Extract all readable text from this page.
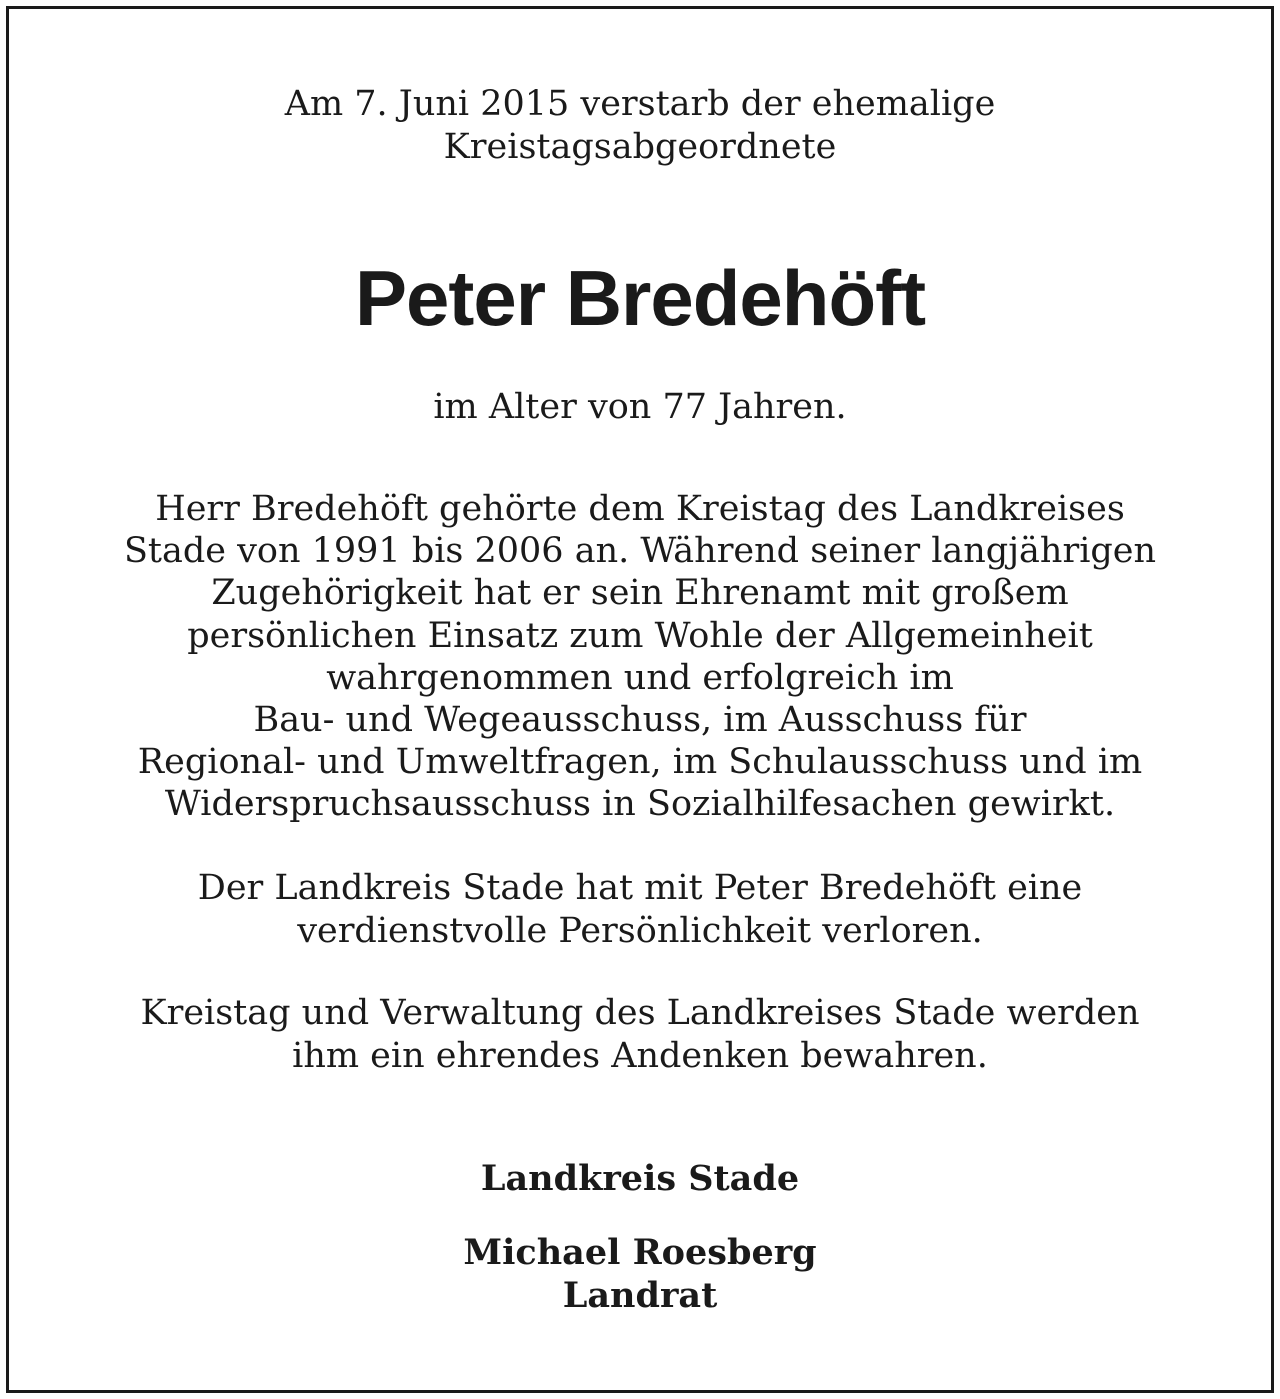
Am 7. Juni 2015 verstarb der ehemalige
Kreistagsabgeordnete
Peter Bredehöft
im Alter von 77 Jahren.
Herr Bredehöft gehörte dem Kreistag des Landkreises
Stade von 1991 bis 2006 an. Während seiner langjährigen
Zugehörigkeit hat er sein Ehrenamt mit großem
persönlichen Einsatz zum Wohle der Allgemeinheit
wahrgenommen und erfolgreich im
Bau- und Wegeausschuss, im Ausschuss für
Regional- und Umweltfragen, im Schulausschuss und im
Widerspruchsausschuss in Sozialhilfesachen gewirkt.
Der Landkreis Stade hat mit Peter Bredehöft eine
verdienstvolle Persönlichkeit verloren.
Kreistag und Verwaltung des Landkreises Stade werden
ihm ein ehrendes Andenken bewahren.
Landkreis Stade
Michael Roesberg
Landrat
